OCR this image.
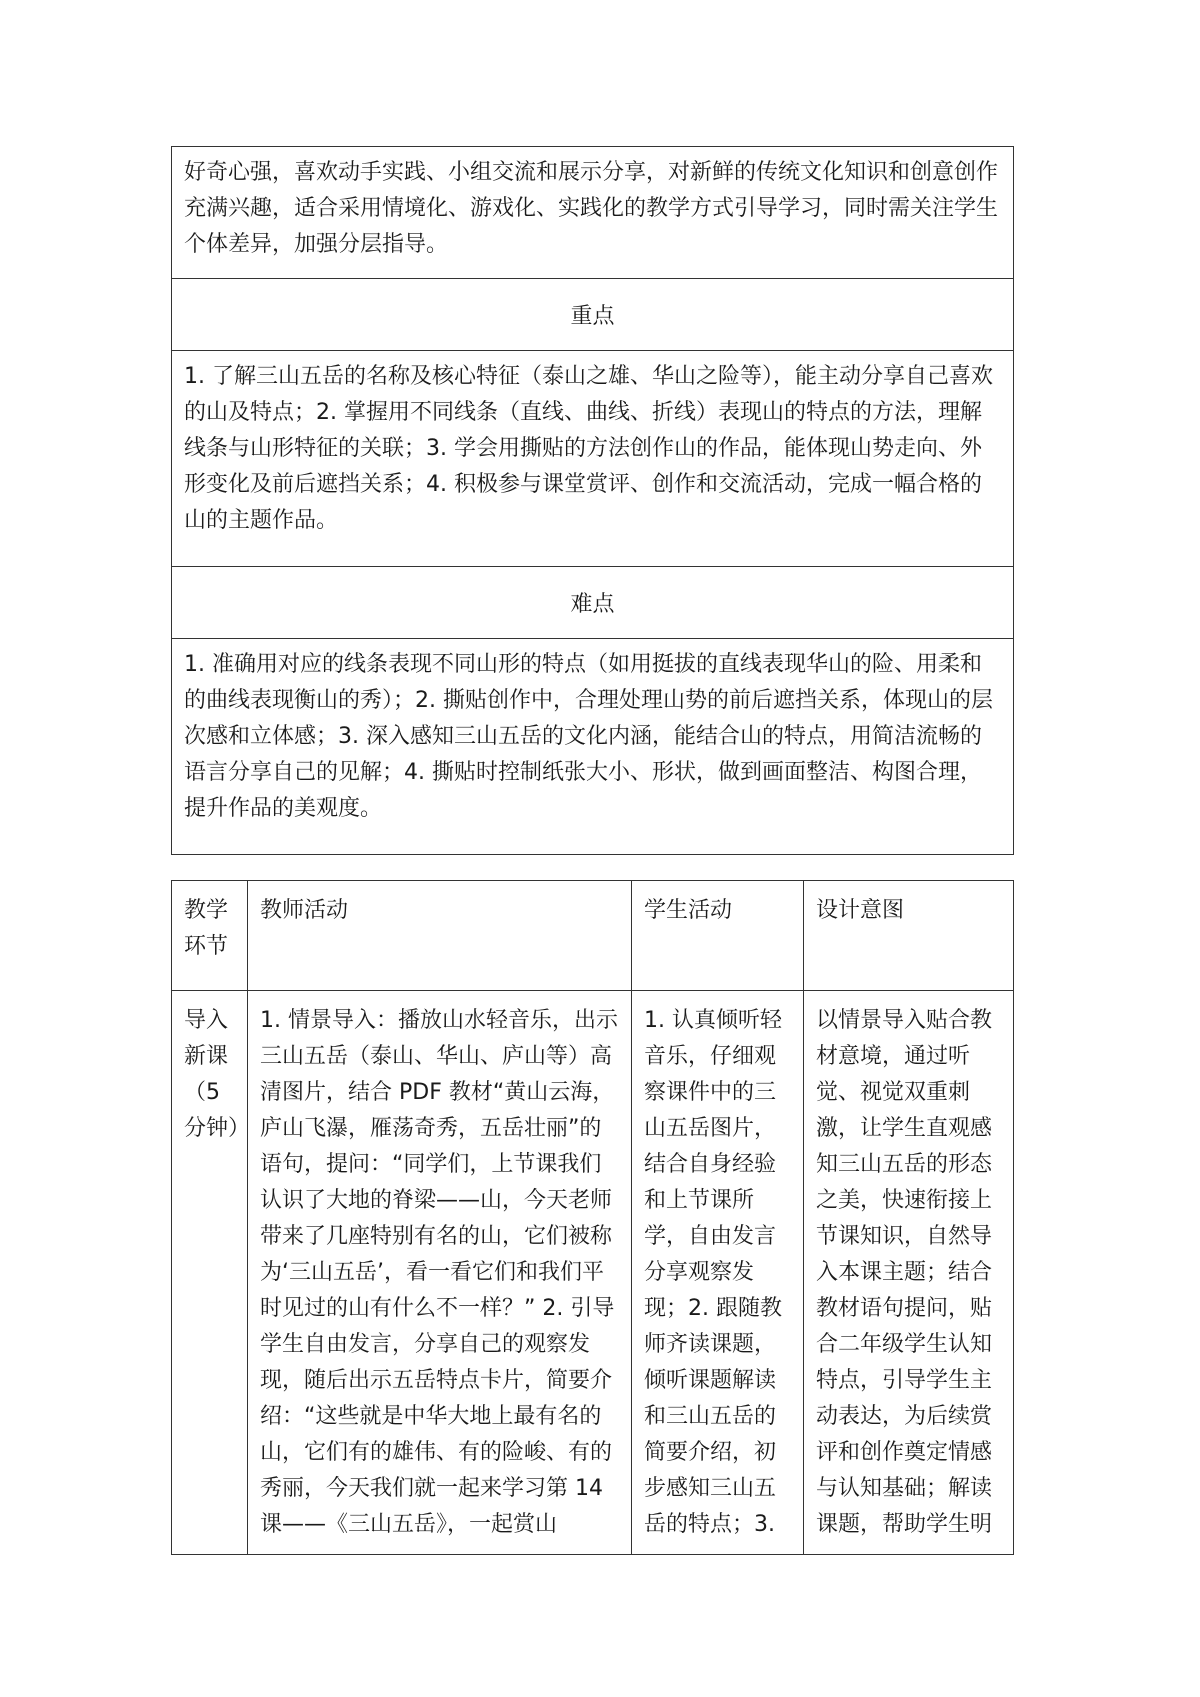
好奇心强，喜欢动手实践、小组交流和展示分享，对新鲜的传统文化知识和创意创作充满兴趣，适合采用情境化、游戏化、实践化的教学方式引导学习，同时需关注学生个体差异，加强分层指导。

重点

1. 了解三山五岳的名称及核心特征（泰山之雄、华山之险等），能主动分享自己喜欢的山及特点；2. 掌握用不同线条（直线、曲线、折线）表现山的特点的方法，理解线条与山形特征的关联；3. 学会用撕贴的方法创作山的作品，能体现山势走向、外形变化及前后遮挡关系；4. 积极参与课堂赏评、创作和交流活动，完成一幅合格的山的主题作品。

难点

1. 准确用对应的线条表现不同山形的特点（如用挺拔的直线表现华山的险、用柔和的曲线表现衡山的秀）；2. 撕贴创作中，合理处理山势的前后遮挡关系，体现山的层次感和立体感；3. 深入感知三山五岳的文化内涵，能结合山的特点，用简洁流畅的语言分享自己的见解；4. 撕贴时控制纸张大小、形状，做到画面整洁、构图合理，提升作品的美观度。
教学环节	教师活动	学生活动	设计意图

导入新课（5分钟）	1. 情景导入：播放山水轻音乐，出示三山五岳（泰山、华山、庐山等）高清图片，结合 PDF 教材“黄山云海，庐山飞瀑，雁荡奇秀，五岳壮丽”的语句，提问：“同学们，上节课我们认识了大地的脊梁——山，今天老师带来了几座特别有名的山，它们被称为‘三山五岳’，看一看它们和我们平时见过的山有什么不一样？” 2. 引导学生自由发言，分享自己的观察发现，随后出示五岳特点卡片，简要介绍：“这些就是中华大地上最有名的山，它们有的雄伟、有的险峻、有的秀丽，今天我们就一起来学习第 14 课——《三山五岳》，一起赏山	1. 认真倾听轻音乐，仔细观察课件中的三山五岳图片，结合自身经验和上节课所学，自由发言分享观察发现；2. 跟随教师齐读课题，倾听课题解读和三山五岳的简要介绍，初步感知三山五岳的特点；3.	以情景导入贴合教材意境，通过听觉、视觉双重刺激，让学生直观感知三山五岳的形态之美，快速衔接上节课知识，自然导入本课主题；结合教材语句提问，贴合二年级学生认知特点，引导学生主动表达，为后续赏评和创作奠定情感与认知基础；解读课题，帮助学生明
